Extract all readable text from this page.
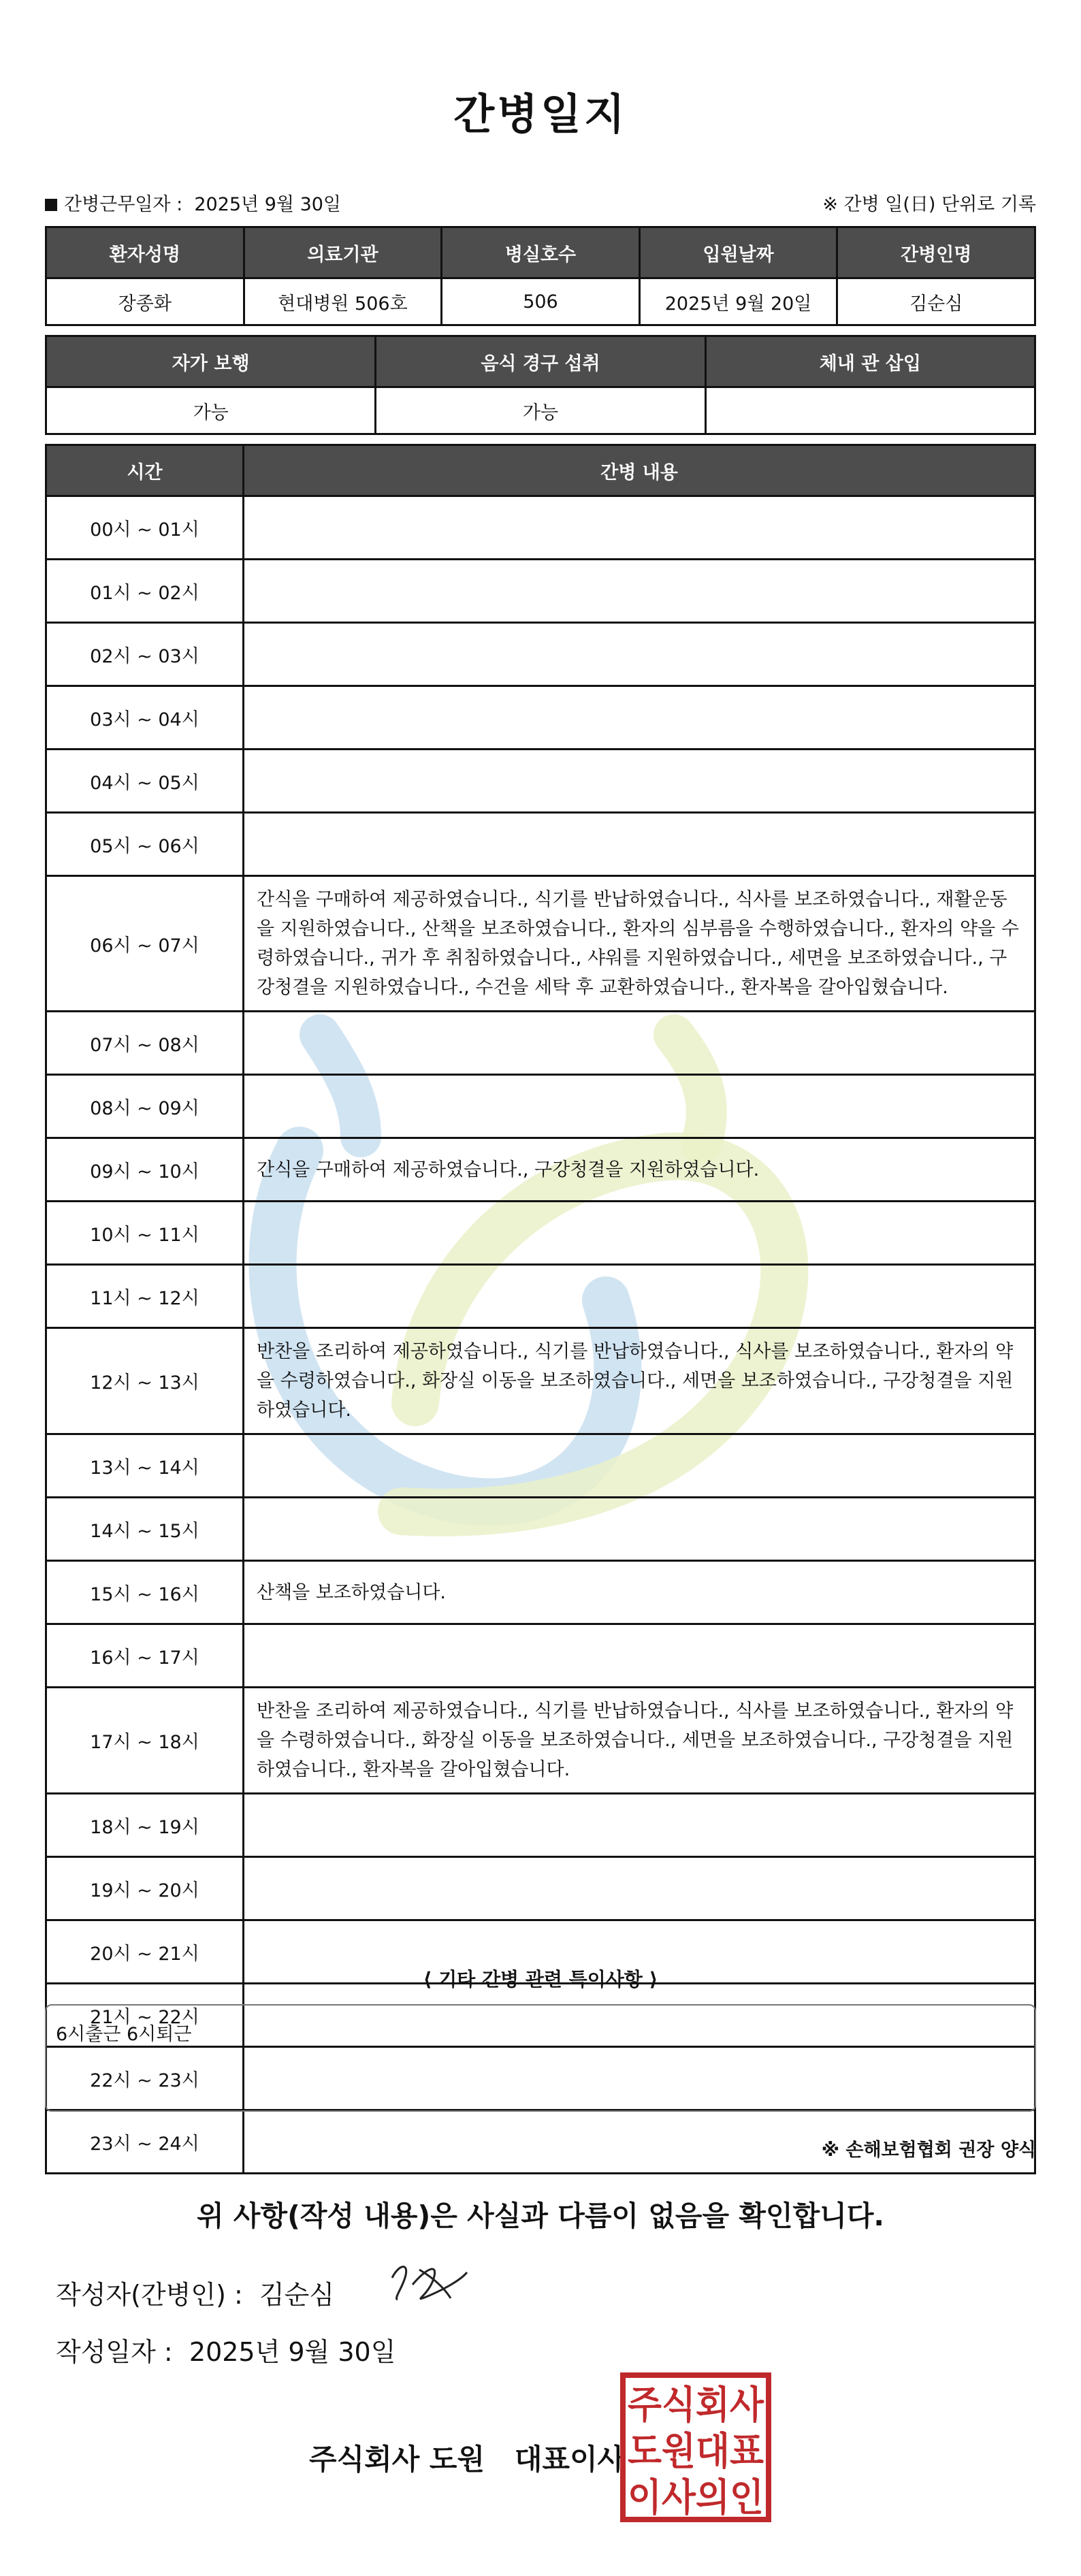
간병일지
간병근무일자 : 2025년 9월 30일	※ 간병 일(日) 단위로 기록
환자성명	의료기관	병실호수	입원날짜	간병인명
장종화	현대병원 506호	506	2025년 9월 20일	김순심
자가 보행	음식 경구 섭취	체내 관 삽입
가능	가능	
시간	간병 내용
00시 ~ 01시	
01시 ~ 02시	
02시 ~ 03시	
03시 ~ 04시	
04시 ~ 05시	
05시 ~ 06시	
06시 ~ 07시	간식을 구매하여 제공하였습니다., 식기를 반납하였습니다., 식사를 보조하였습니다., 재활운동을 지원하였습니다., 산책을 보조하였습니다., 환자의 심부름을 수행하였습니다., 환자의 약을 수령하였습니다., 귀가 후 취침하였습니다., 샤워를 지원하였습니다., 세면을 보조하였습니다., 구강청결을 지원하였습니다., 수건을 세탁 후 교환하였습니다., 환자복을 갈아입혔습니다.
07시 ~ 08시	
08시 ~ 09시	
09시 ~ 10시	간식을 구매하여 제공하였습니다., 구강청결을 지원하였습니다.
10시 ~ 11시	
11시 ~ 12시	
12시 ~ 13시	반찬을 조리하여 제공하였습니다., 식기를 반납하였습니다., 식사를 보조하였습니다., 환자의 약을 수령하였습니다., 화장실 이동을 보조하였습니다., 세면을 보조하였습니다., 구강청결을 지원하였습니다.
13시 ~ 14시	
14시 ~ 15시	
15시 ~ 16시	산책을 보조하였습니다.
16시 ~ 17시	
17시 ~ 18시	반찬을 조리하여 제공하였습니다., 식기를 반납하였습니다., 식사를 보조하였습니다., 환자의 약을 수령하였습니다., 화장실 이동을 보조하였습니다., 세면을 보조하였습니다., 구강청결을 지원하였습니다., 환자복을 갈아입혔습니다.
18시 ~ 19시	
19시 ~ 20시	
20시 ~ 21시	
21시 ~ 22시	
22시 ~ 23시	
23시 ~ 24시	
⟨ 기타 간병 관련 특이사항 ⟩
6시출근 6시퇴근
※ 손해보험협회 권장 양식
위 사항(작성 내용)은 사실과 다름이 없음을 확인합니다.
작성자(간병인) : 김순심
작성일자 : 2025년 9월 30일
주식회사 도원   대표이사
주식회사
도원대표
이사의인
